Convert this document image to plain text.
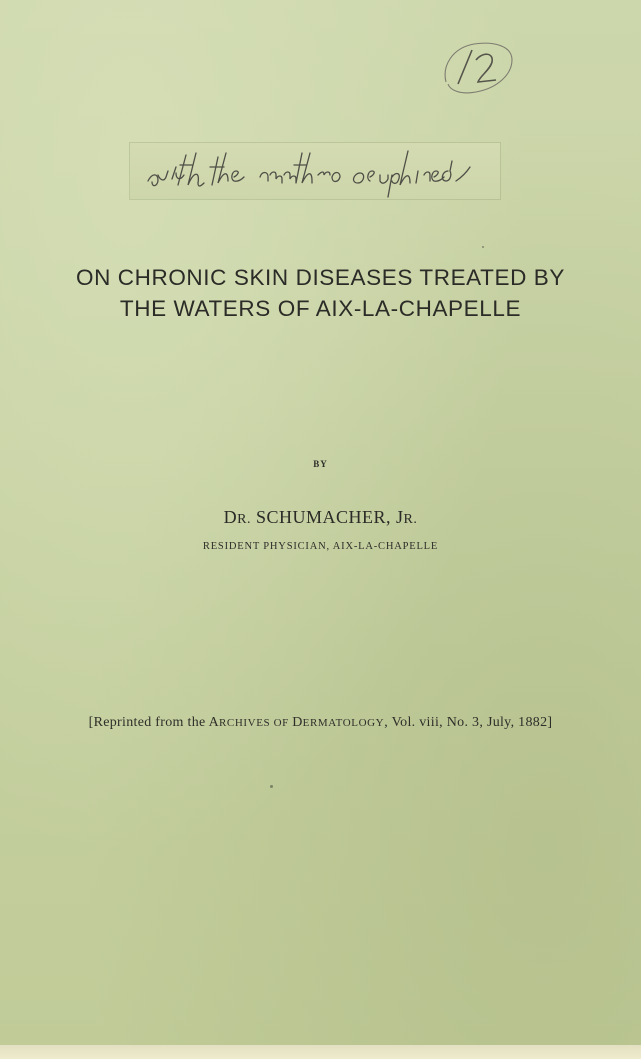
ON CHRONIC SKIN DISEASES TREATED BY
THE WATERS OF AIX-LA-CHAPELLE
BY
DR. SCHUMACHER, JR.
RESIDENT PHYSICIAN, AIX-LA-CHAPELLE
[Reprinted from the ARCHIVES OF DERMATOLOGY, Vol. viii, No. 3, July, 1882]
